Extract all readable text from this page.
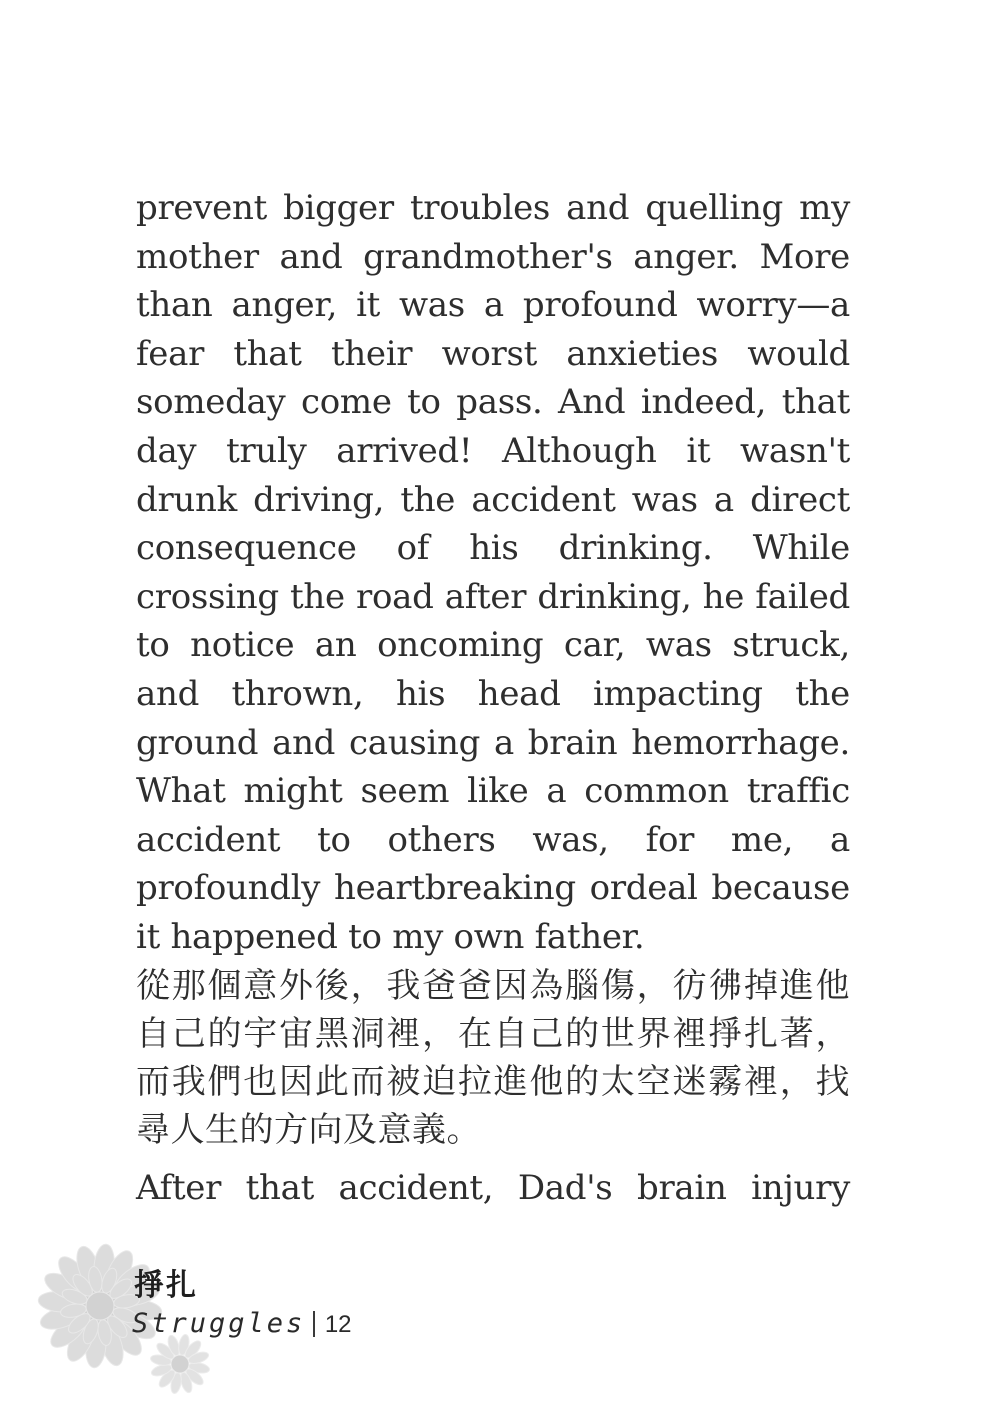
prevent bigger troubles and quelling my mother and grandmother's anger. More than anger, it was a profound worry—a fear that their worst anxieties would someday come to pass. And indeed, that day truly arrived! Although it wasn't drunk driving, the accident was a direct consequence of his drinking. While crossing the road after drinking, he failed to notice an oncoming car, was struck, and thrown, his head impacting the ground and causing a brain hemorrhage. What might seem like a common traffic accident to others was, for me, a profoundly heartbreaking ordeal because it happened to my own father.

從那個意外後，我爸爸因為腦傷，彷彿掉進他自己的宇宙黑洞裡，在自己的世界裡掙扎著，而我們也因此而被迫拉進他的太空迷霧裡，找尋人生的方向及意義。

After that accident, Dad's brain injury

掙扎
Struggles 12
